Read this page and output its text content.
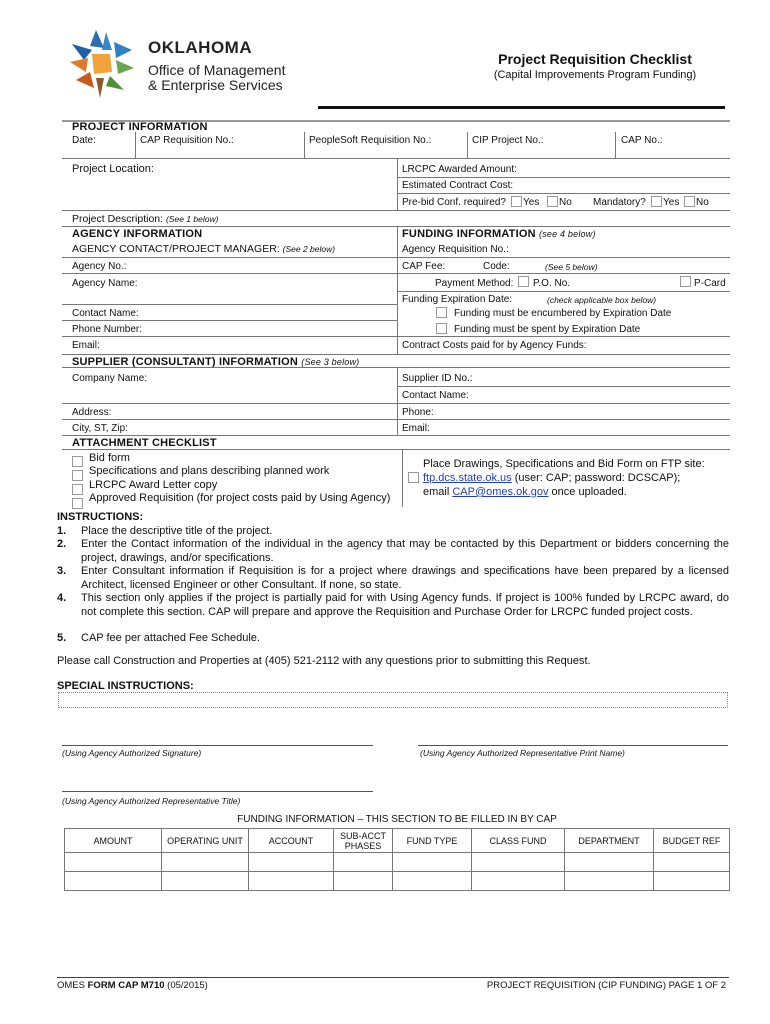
OKLAHOMA
Office of Management
& Enterprise Services
Project Requisition Checklist
(Capital Improvements Program Funding)
PROJECT INFORMATION
Date:	CAP Requisition No.:	PeopleSoft Requisition No.:	CIP Project No.:	CAP No.:
Project Location:	LRCPC Awarded Amount:
Estimated Contract Cost:
Pre-bid Conf. required? Yes No Mandatory? Yes No
Project Description: (See 1 below)
AGENCY INFORMATION	FUNDING INFORMATION (see 4 below)
AGENCY CONTACT/PROJECT MANAGER: (See 2 below)	Agency Requisition No.:
Agency No.:	CAP Fee:	Code:	(See 5 below)
Agency Name:	Payment Method: P.O. No.	P-Card
Funding Expiration Date:	(check applicable box below)
Contact Name:	Funding must be encumbered by Expiration Date
Phone Number:	Funding must be spent by Expiration Date
Email:	Contract Costs paid for by Agency Funds:
SUPPLIER (CONSULTANT) INFORMATION (See 3 below)
Company Name:	Supplier ID No.:
Contact Name:
Address:	Phone:
City, ST, Zip:	Email:
ATTACHMENT CHECKLIST
Bid form
Specifications and plans describing planned work
LRCPC Award Letter copy
Approved Requisition (for project costs paid by Using Agency)
Place Drawings, Specifications and Bid Form on FTP site:
ftp.dcs.state.ok.us (user: CAP; password: DCSCAP);
email CAP@omes.ok.gov once uploaded.
INSTRUCTIONS:
1. Place the descriptive title of the project.
2. Enter the Contact information of the individual in the agency that may be contacted by this Department or bidders concerning the project, drawings, and/or specifications.
3. Enter Consultant information if Requisition is for a project where drawings and specifications have been prepared by a licensed Architect, licensed Engineer or other Consultant. If none, so state.
4. This section only applies if the project is partially paid for with Using Agency funds. If project is 100% funded by LRCPC award, do not complete this section. CAP will prepare and approve the Requisition and Purchase Order for LRCPC funded project costs.
5. CAP fee per attached Fee Schedule.
Please call Construction and Properties at (405) 521-2112 with any questions prior to submitting this Request.
SPECIAL INSTRUCTIONS:
(Using Agency Authorized Signature)	(Using Agency Authorized Representative Print Name)
(Using Agency Authorized Representative Title)
FUNDING INFORMATION – THIS SECTION TO BE FILLED IN BY CAP
AMOUNT	OPERATING UNIT	ACCOUNT	SUB-ACCT PHASES	FUND TYPE	CLASS FUND	DEPARTMENT	BUDGET REF

OMES FORM CAP M710 (05/2015)	PROJECT REQUISITION (CIP FUNDING) PAGE 1 OF 2
